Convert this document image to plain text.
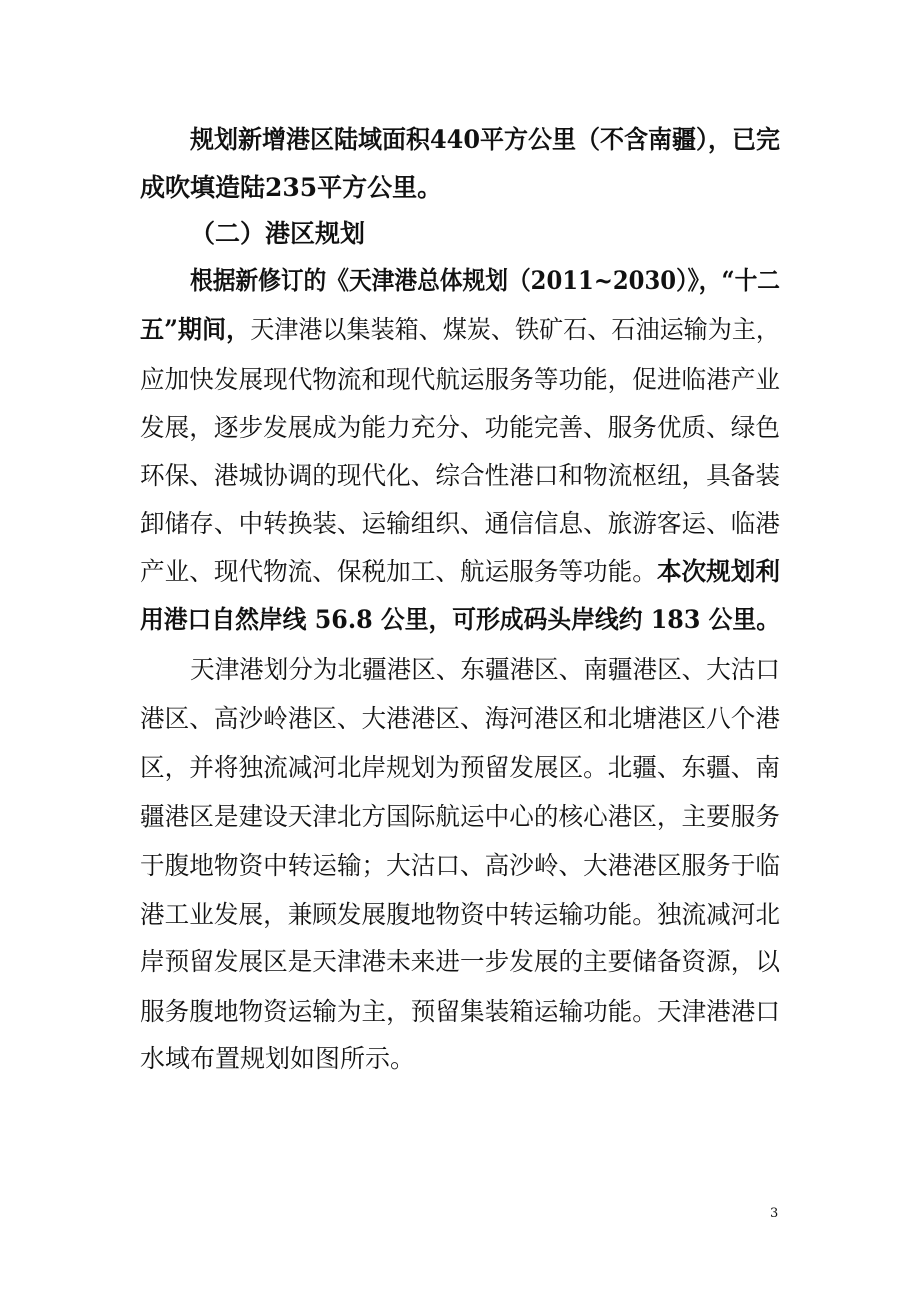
规划新增港区陆域面积440平方公里（不含南疆），已完
成吹填造陆235平方公里。
（二）港区规划
根据新修订的《天津港总体规划（2011~2030）》，“十二
五”期间，天津港以集装箱、煤炭、铁矿石、石油运输为主，
应加快发展现代物流和现代航运服务等功能，促进临港产业
发展，逐步发展成为能力充分、功能完善、服务优质、绿色
环保、港城协调的现代化、综合性港口和物流枢纽，具备装
卸储存、中转换装、运输组织、通信信息、旅游客运、临港
产业、现代物流、保税加工、航运服务等功能。本次规划利
用港口自然岸线 56.8 公里，可形成码头岸线约 183 公里。
天津港划分为北疆港区、东疆港区、南疆港区、大沽口
港区、高沙岭港区、大港港区、海河港区和北塘港区八个港
区，并将独流减河北岸规划为预留发展区。北疆、东疆、南
疆港区是建设天津北方国际航运中心的核心港区，主要服务
于腹地物资中转运输；大沽口、高沙岭、大港港区服务于临
港工业发展，兼顾发展腹地物资中转运输功能。独流减河北
岸预留发展区是天津港未来进一步发展的主要储备资源，以
服务腹地物资运输为主，预留集装箱运输功能。天津港港口
水域布置规划如图所示。
3
